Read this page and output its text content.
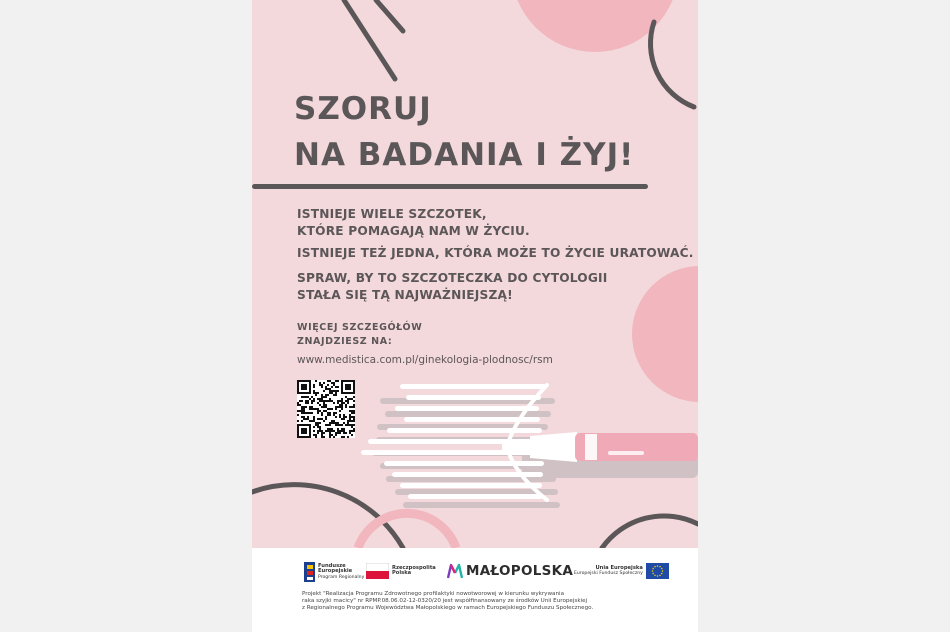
SZORUJ
NA BADANIA I ŻYJ!

ISTNIEJE WIELE SZCZOTEK,
KTÓRE POMAGAJĄ NAM W ŻYCIU.

ISTNIEJE TEŻ JEDNA, KTÓRA MOŻE TO ŻYCIE URATOWAĆ.

SPRAW, BY TO SZCZOTECZKA DO CYTOLOGII
STAŁA SIĘ TĄ NAJWAŻNIEJSZĄ!

WIĘCEJ SZCZEGÓŁÓW
ZNAJDZIESZ NA:

www.medistica.com.pl/ginekologia-plodnosc/rsm
Fundusze
Europejskie
Program Regionalny
Rzeczpospolita
Polska	MAŁOPOLSKA	Unia Europejska
Europejski Fundusz Społeczny

Projekt "Realizacja Programu Zdrowotnego profilaktyki nowotworowej w kierunku wykrywania
raka szyjki macicy" nr RPMP.08.06.02-12-0320/20 jest współfinansowany ze środków Unii Europejskiej
z Regionalnego Programu Województwa Małopolskiego w ramach Europejskiego Funduszu Społecznego.
